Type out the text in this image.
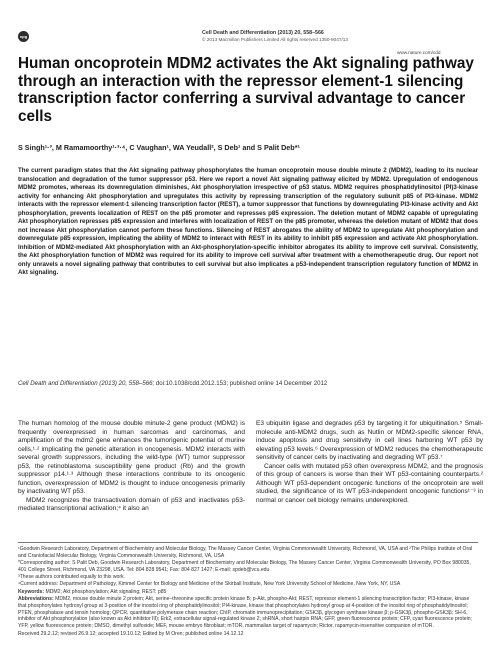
npg
Cell Death and Differentiation (2013) 20, 558–566
© 2013 Macmillan Publishers Limited All rights reserved 1350-9047/13
www.nature.com/cdd
Human oncoprotein MDM2 activates the Akt signaling pathway through an interaction with the repressor element-1 silencing transcription factor conferring a survival advantage to cancer cells
S Singh¹·³, M Ramamoorthy¹·³·⁴, C Vaughan¹, WA Yeudall², S Deb¹ and S Palit Deb*¹

The current paradigm states that the Akt signaling pathway phosphorylates the human oncoprotein mouse double minute 2 (MDM2), leading to its nuclear translocation and degradation of the tumor suppressor p53. Here we report a novel Akt signaling pathway elicited by MDM2. Upregulation of endogenous MDM2 promotes, whereas its downregulation diminishes, Akt phosphorylation irrespective of p53 status. MDM2 requires phosphatidylinositol (PI)3-kinase activity for enhancing Akt phosphorylation and upregulates this activity by repressing transcription of the regulatory subunit p85 of PI3-kinase. MDM2 interacts with the repressor element-1 silencing transcription factor (REST), a tumor suppressor that functions by downregulating PI3-kinase activity and Akt phosphorylation, prevents localization of REST on the p85 promoter and represses p85 expression. The deletion mutant of MDM2 capable of upregulating Akt phosphorylation represses p85 expression and interferes with localization of REST on the p85 promoter, whereas the deletion mutant of MDM2 that does not increase Akt phosphorylation cannot perform these functions. Silencing of REST abrogates the ability of MDM2 to upregulate Akt phosphorylation and downregulate p85 expression, implicating the ability of MDM2 to interact with REST in its ability to inhibit p85 expression and activate Akt phosphorylation. Inhibition of MDM2-mediated Akt phosphorylation with an Akt-phosphorylation-specific inhibitor abrogates its ability to improve cell survival. Consistently, the Akt phosphorylation function of MDM2 was required for its ability to improve cell survival after treatment with a chemotherapeutic drug. Our report not only unravels a novel signaling pathway that contributes to cell survival but also implicates a p53-independent transcription regulatory function of MDM2 in Akt signaling.

Cell Death and Differentiation (2013) 20, 558–566; doi:10.1038/cdd.2012.153; published online 14 December 2012

The human homolog of the mouse double minute-2 gene product (MDM2) is frequently overexpressed in human sarcomas and carcinomas, and amplification of the mdm2 gene enhances the tumorigenic potential of murine cells,¹·² implicating the genetic alteration in oncogenesis. MDM2 interacts with several growth suppressors, including the wild-type (WT) tumor suppressor p53, the retinoblastoma susceptibility gene product (Rb) and the growth suppressor p14.¹·³ Although these interactions contribute to its oncogenic function, overexpression of MDM2 is thought to induce oncogenesis primarily by inactivating WT p53.

MDM2 recognizes the transactivation domain of p53 and inactivates p53-mediated transcriptional activation;⁴ it also an

E3 ubiquitin ligase and degrades p53 by targeting it for ubiquitination.⁵ Small-molecule anti-MDM2 drugs, such as Nutlin or MDM2-specific silencer RNA, induce apoptosis and drug sensitivity in cell lines harboring WT p53 by elevating p53 levels.⁶ Overexpression of MDM2 reduces the chemotherapeutic sensitivity of cancer cells by inactivating and degrading WT p53.⁷

Cancer cells with mutated p53 often overexpress MDM2, and the prognosis of this group of cancers is worse than their WT p53-containing counterparts.² Although WT p53-dependent oncogenic functions of the oncoprotein are well studied, the significance of its WT p53-independent oncogenic functions¹⁻³ in normal or cancer cell biology remains underexplored.

¹Goodwin Research Laboratory, Department of Biochemistry and Molecular Biology, The Massey Cancer Center, Virginia Commonwealth University, Richmond, VA, USA and ²The Philips Institute of Oral and Craniofacial Molecular Biology, Virginia Commonwealth University, Richmond, VA, USA

*Corresponding author: S Palit Deb, Goodwin Research Laboratory, Department of Biochemistry and Molecular Biology, The Massey Cancer Center, Virginia Commonwealth University, PO Box 980035, 401 College Street, Richmond, VA 23298, USA. Tel: 804 828 9541; Fax: 804 827 1427; E-mail: spdeb@vcu.edu

³These authors contributed equally to this work.

⁴Current address: Department of Pathology, Kimmel Center for Biology and Medicine of the Skirball Institute, New York University School of Medicine, New York, NY, USA

Keywords: MDM2; Akt phosphorylation; Akt signaling; REST; p85

Abbreviations: MDM2, mouse double minute 2 protein; Akt, serine–threonine specific protein kinase B; p-Akt, phospho-Akt; REST, repressor element-1 silencing transcription factor; PI3-kinase, kinase that phosphorylates hydroxyl group at 3-position of the inositol ring of phosphatidylinositol; PI4-kinase, kinase that phosphorylates hydroxyl group at 4-position of the inositol ring of phosphatidylinositol; PTEN, phosphatase and tensin homolog; QPCR, quantitative polymerase chain reaction; ChIP, chromatin immunoprecipitation; GSK3β, glycogen synthase kinase β; p-GSK3β, phospho-GSK3β; SH-6, inhibitor of Akt phosphorylation (also known as Akt inhibitor III); Erk2, extracellular signal-regulated kinase 2; shRNA, short hairpin RNA; GFP, green fluorescence protein; CFP, cyan fluorescence protein; YFP, yellow fluorescence protein; DMSO, dimethyl sulfoxide; MEF, mouse embryo fibroblast; mTOR, mammalian target of rapamycin; Rictor, rapamycin-insensitive companion of mTOR.

Received 29.2.12; revised 26.9.12; accepted 19.10.12; Edited by M Oren; published online 14.12.12
